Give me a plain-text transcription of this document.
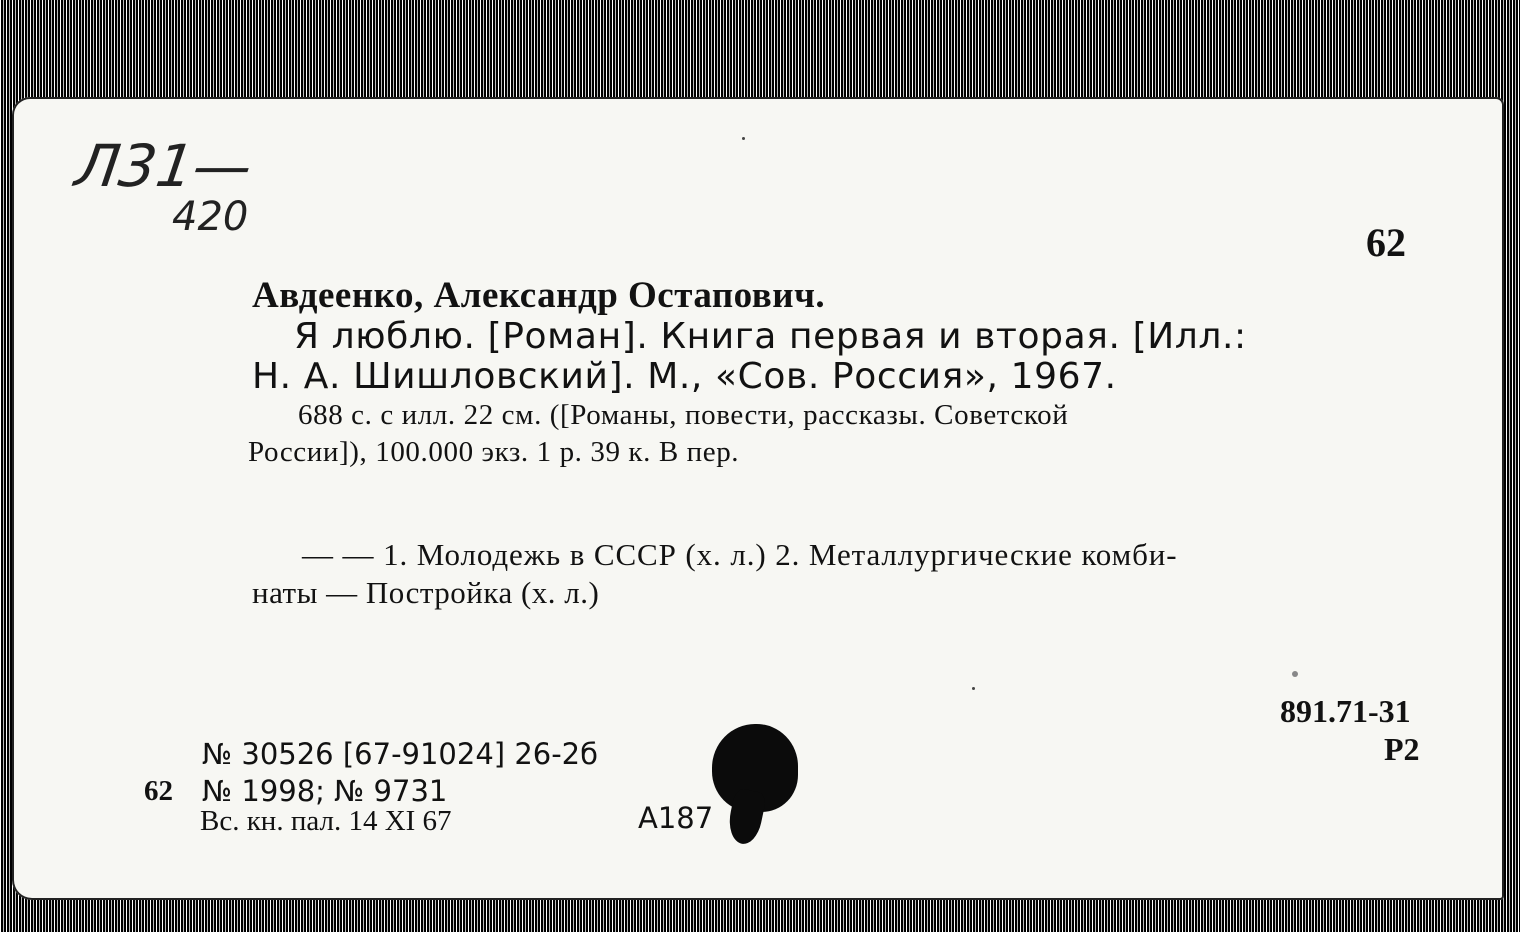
Л31—
420
62
Авдеенко, Александр Остапович.
Я люблю. [Роман]. Книга первая и вторая. [Илл.:
Н. А. Шишловский]. М., «Сов. Россия», 1967.
688 с. с илл. 22 см. ([Романы, повести, рассказы. Советской
России]), 100.000 экз. 1 р. 39 к. В пер.
— — 1. Молодежь в СССР (х. л.) 2. Металлургические комби-
наты — Постройка (х. л.)
891.71-31
Р2
№ 30526 [67-91024] 26-2б
62 № 1998; № 9731
Вс. кн. пал. 14 XI 67	А187
